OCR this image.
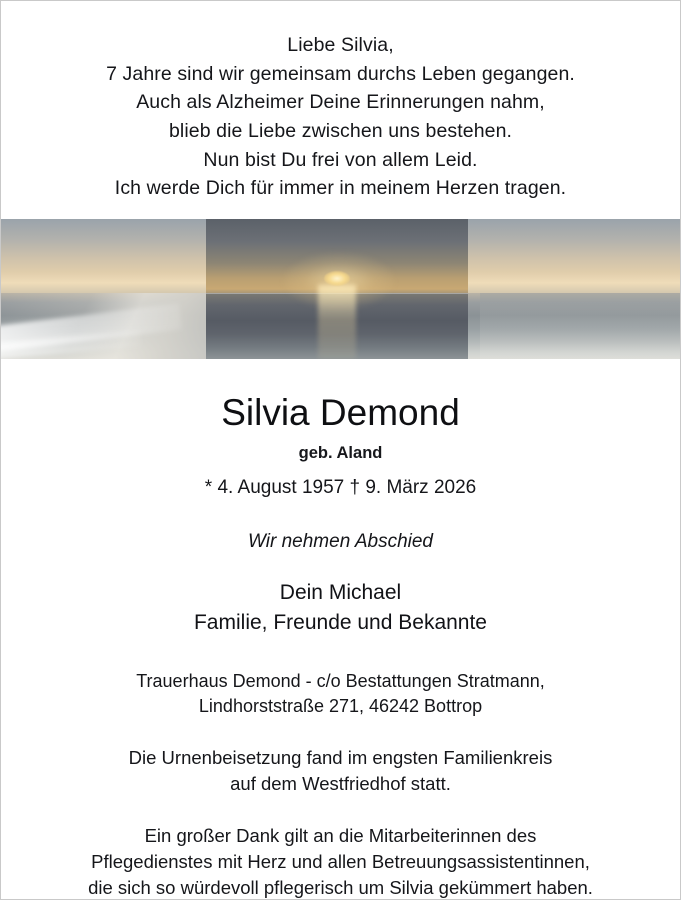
Liebe Silvia,
7 Jahre sind wir gemeinsam durchs Leben gegangen.
Auch als Alzheimer Deine Erinnerungen nahm,
blieb die Liebe zwischen uns bestehen.
Nun bist Du frei von allem Leid.
Ich werde Dich für immer in meinem Herzen tragen.
Silvia Demond
geb. Aland
* 4. August 1957 † 9. März 2026
Wir nehmen Abschied
Dein Michael
Familie, Freunde und Bekannte
Trauerhaus Demond - c/o Bestattungen Stratmann,
Lindhorststraße 271, 46242 Bottrop
Die Urnenbeisetzung fand im engsten Familienkreis
auf dem Westfriedhof statt.
Ein großer Dank gilt an die Mitarbeiterinnen des
Pflegedienstes mit Herz und allen Betreuungsassistentinnen,
die sich so würdevoll pflegerisch um Silvia gekümmert haben.
